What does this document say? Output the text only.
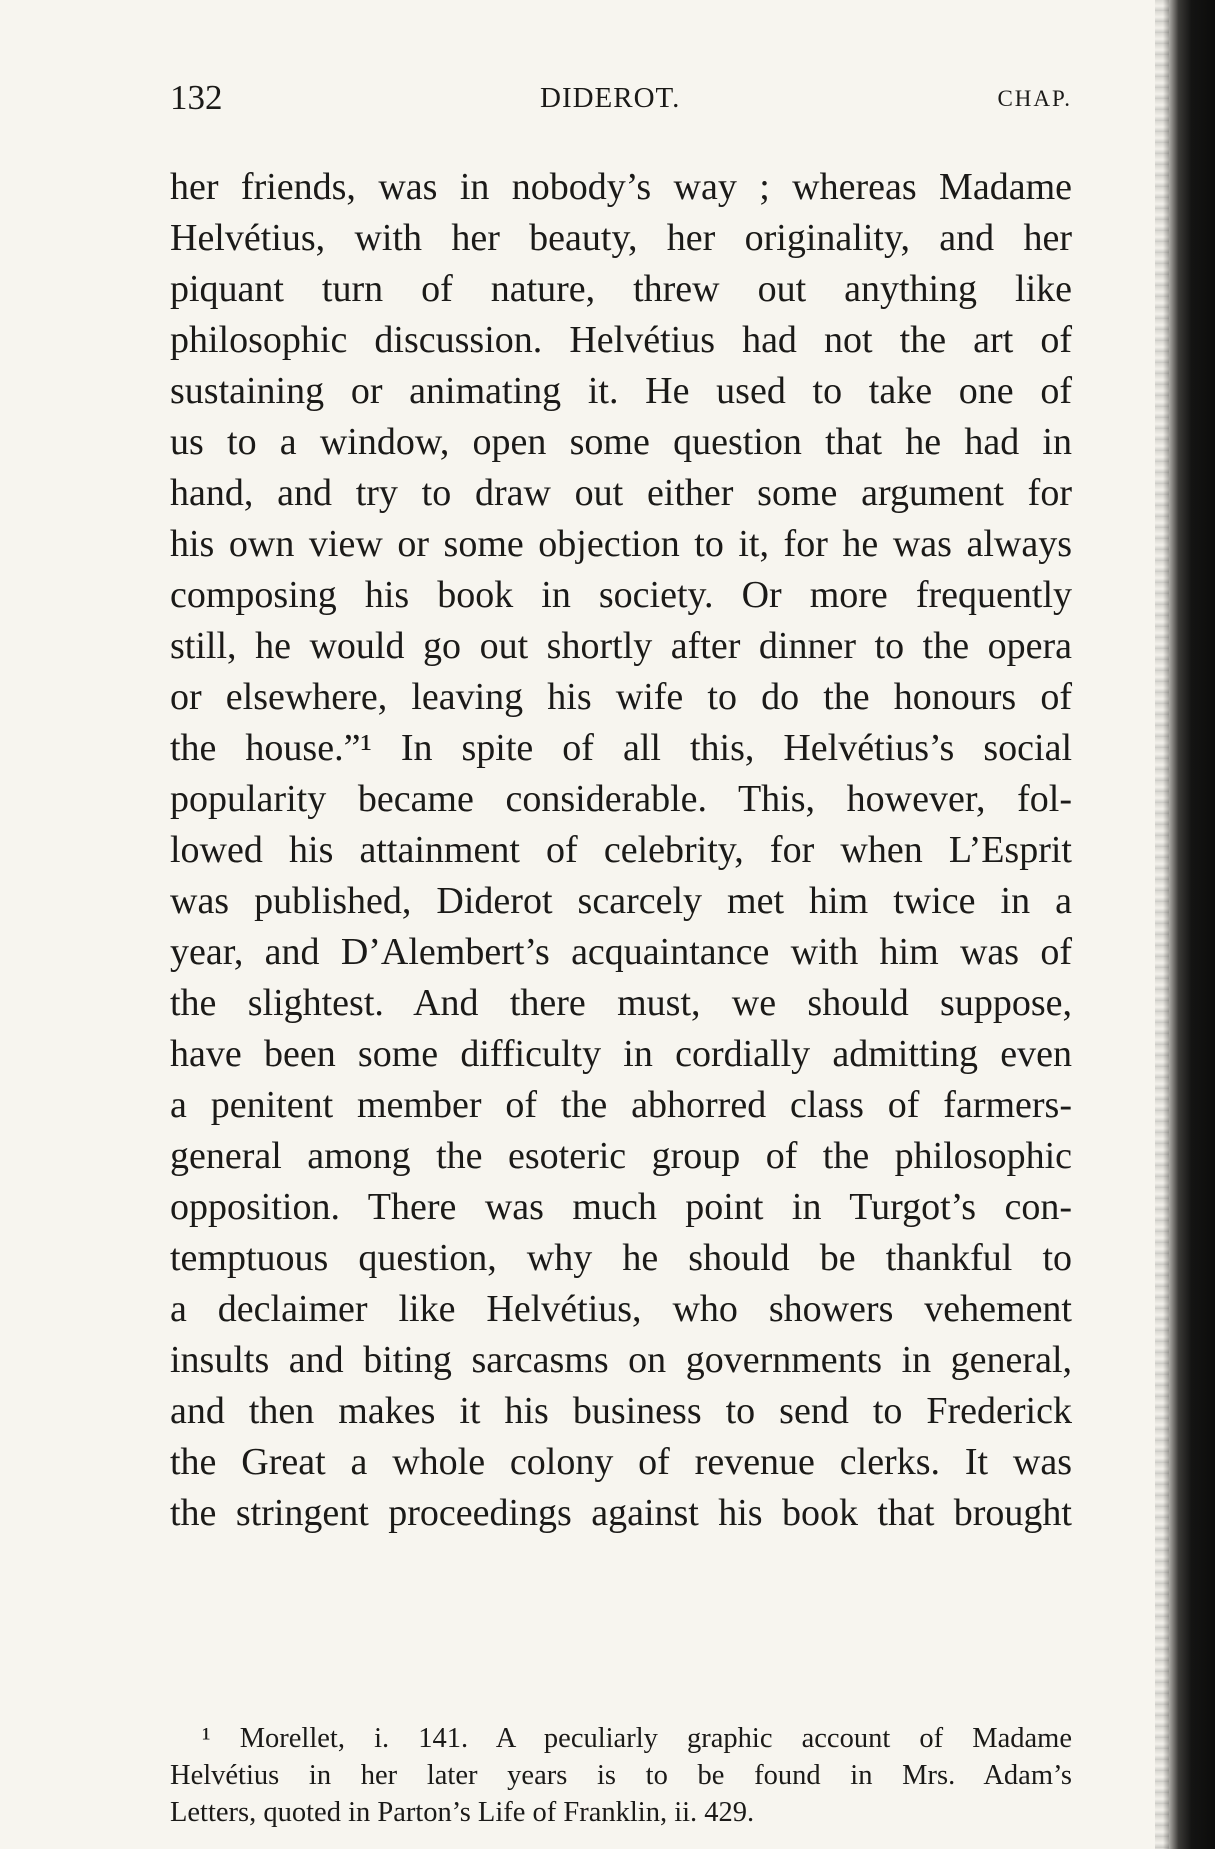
132	DIDEROT.	CHAP.
her friends, was in nobody’s way ; whereas Madame
Helvétius, with her beauty, her originality, and her
piquant turn of nature, threw out anything like
philosophic discussion. Helvétius had not the art of
sustaining or animating it. He used to take one of
us to a window, open some question that he had in
hand, and try to draw out either some argument for
his own view or some objection to it, for he was always
composing his book in society. Or more frequently
still, he would go out shortly after dinner to the opera
or elsewhere, leaving his wife to do the honours of
the house.”¹ In spite of all this, Helvétius’s social
popularity became considerable. This, however, fol-
lowed his attainment of celebrity, for when L’Esprit
was published, Diderot scarcely met him twice in a
year, and D’Alembert’s acquaintance with him was of
the slightest. And there must, we should suppose,
have been some difficulty in cordially admitting even
a penitent member of the abhorred class of farmers-
general among the esoteric group of the philosophic
opposition. There was much point in Turgot’s con-
temptuous question, why he should be thankful to
a declaimer like Helvétius, who showers vehement
insults and biting sarcasms on governments in general,
and then makes it his business to send to Frederick
the Great a whole colony of revenue clerks. It was
the stringent proceedings against his book that brought
¹ Morellet, i. 141. A peculiarly graphic account of Madame
Helvétius in her later years is to be found in Mrs. Adam’s
Letters, quoted in Parton’s Life of Franklin, ii. 429.
